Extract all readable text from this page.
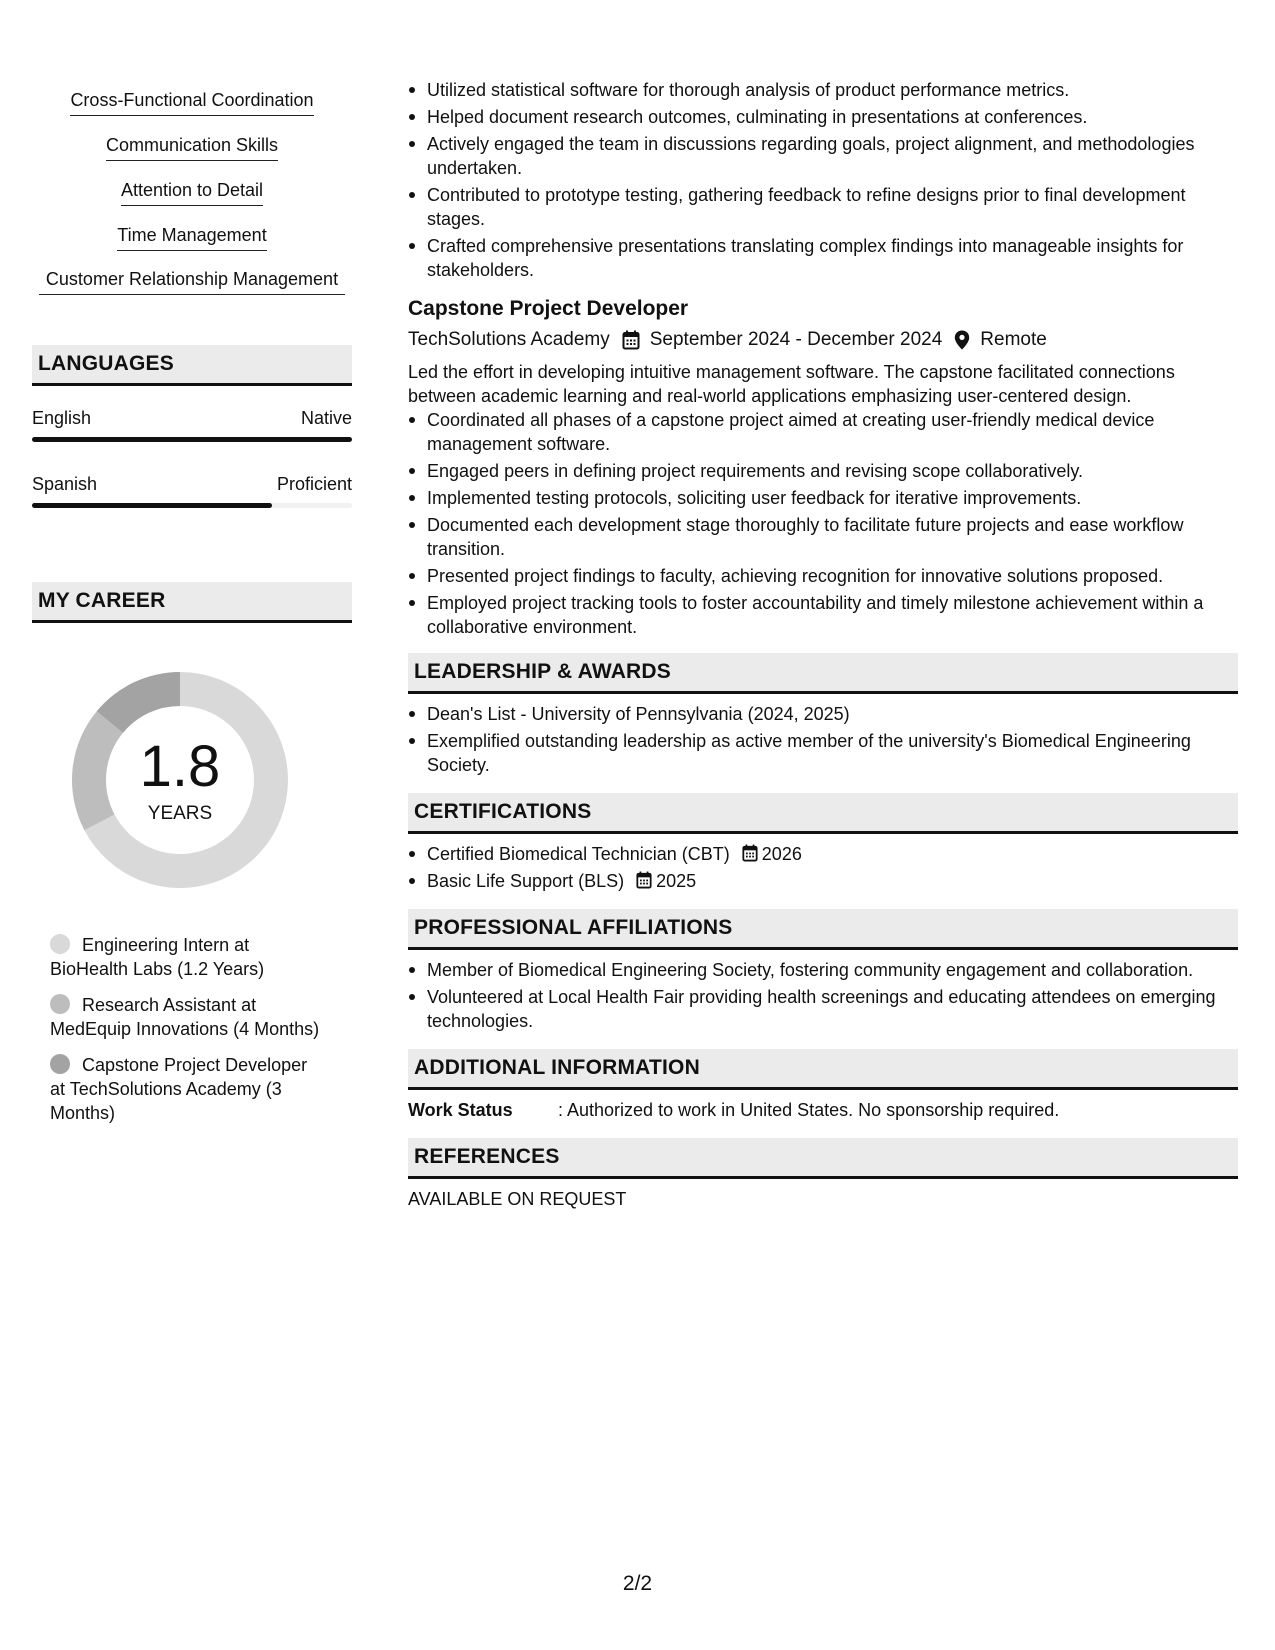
Cross-Functional Coordination
Communication Skills
Attention to Detail
Time Management
Customer Relationship Management
LANGUAGES
English	Native
Spanish	Proficient
MY CAREER
1.8
YEARS
Engineering Intern at BioHealth Labs (1.2 Years)
Research Assistant at MedEquip Innovations (4 Months)
Capstone Project Developer at TechSolutions Academy (3 Months)
Utilized statistical software for thorough analysis of product performance metrics.
Helped document research outcomes, culminating in presentations at conferences.
Actively engaged the team in discussions regarding goals, project alignment, and methodologies undertaken.
Contributed to prototype testing, gathering feedback to refine designs prior to final development stages.
Crafted comprehensive presentations translating complex findings into manageable insights for stakeholders.
Capstone Project Developer
TechSolutions Academy September 2024 - December 2024 Remote
Led the effort in developing intuitive management software. The capstone facilitated connections between academic learning and real-world applications emphasizing user-centered design.
Coordinated all phases of a capstone project aimed at creating user-friendly medical device management software.
Engaged peers in defining project requirements and revising scope collaboratively.
Implemented testing protocols, soliciting user feedback for iterative improvements.
Documented each development stage thoroughly to facilitate future projects and ease workflow transition.
Presented project findings to faculty, achieving recognition for innovative solutions proposed.
Employed project tracking tools to foster accountability and timely milestone achievement within a collaborative environment.
LEADERSHIP & AWARDS
Dean's List - University of Pennsylvania (2024, 2025)
Exemplified outstanding leadership as active member of the university's Biomedical Engineering Society.
CERTIFICATIONS
Certified Biomedical Technician (CBT) 2026
Basic Life Support (BLS) 2025
PROFESSIONAL AFFILIATIONS
Member of Biomedical Engineering Society, fostering community engagement and collaboration.
Volunteered at Local Health Fair providing health screenings and educating attendees on emerging technologies.
ADDITIONAL INFORMATION
Work Status	: Authorized to work in United States. No sponsorship required.
REFERENCES
AVAILABLE ON REQUEST
2/2
